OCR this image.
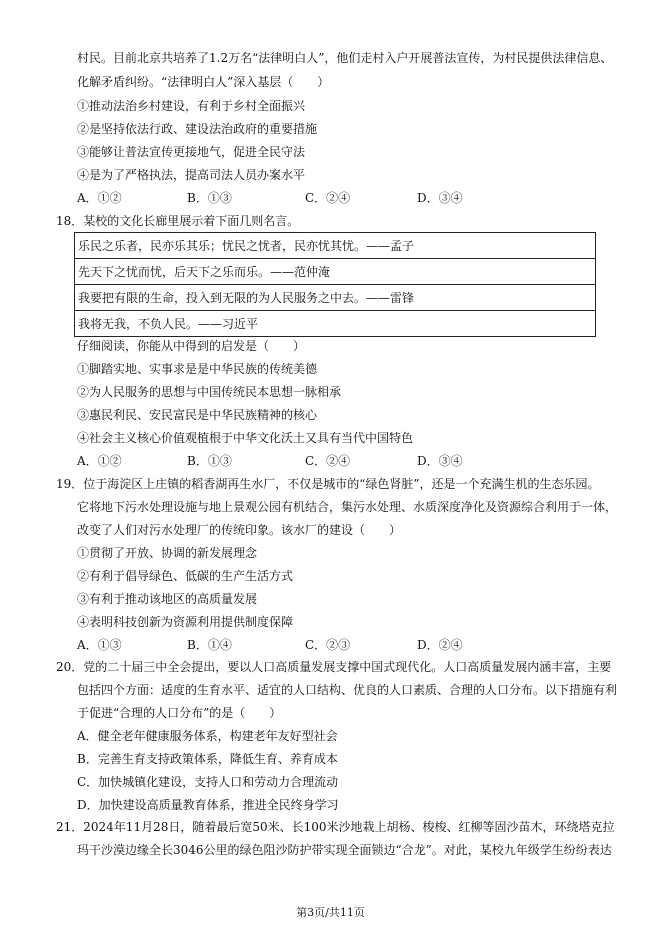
村民。目前北京共培养了1.2万名“法律明白人”，他们走村入户开展普法宣传，为村民提供法律信息、
化解矛盾纠纷。“法律明白人”深入基层（　　）
①推动法治乡村建设，有利于乡村全面振兴
②是坚持依法行政、建设法治政府的重要措施
③能够让普法宣传更接地气，促进全民守法
④是为了严格执法，提高司法人员办案水平
A．①②	B．①③	C．②④	D．③④
18．某校的文化长廊里展示着下面几则名言。
乐民之乐者，民亦乐其乐；忧民之忧者，民亦忧其忧。——孟子
先天下之忧而忧，后天下之乐而乐。——范仲淹
我要把有限的生命，投入到无限的为人民服务之中去。——雷锋
我将无我，不负人民。——习近平
仔细阅读，你能从中得到的启发是（　　）
①脚踏实地、实事求是是中华民族的传统美德
②为人民服务的思想与中国传统民本思想一脉相承
③惠民利民、安民富民是中华民族精神的核心
④社会主义核心价值观植根于中华文化沃土又具有当代中国特色
A．①②	B．①③	C．②④	D．③④
19．位于海淀区上庄镇的稻香湖再生水厂，不仅是城市的“绿色肾脏”，还是一个充满生机的生态乐园。
它将地下污水处理设施与地上景观公园有机结合，集污水处理、水质深度净化及资源综合利用于一体，
改变了人们对污水处理厂的传统印象。该水厂的建设（　　）
①贯彻了开放、协调的新发展理念
②有利于倡导绿色、低碳的生产生活方式
③有利于推动该地区的高质量发展
④表明科技创新为资源利用提供制度保障
A．①③	B．①④	C．②③	D．②④
20．党的二十届三中全会提出，要以人口高质量发展支撑中国式现代化。人口高质量发展内涵丰富，主要
包括四个方面：适度的生育水平、适宜的人口结构、优良的人口素质、合理的人口分布。以下措施有利
于促进“合理的人口分布”的是（　　）
A．健全老年健康服务体系，构建老年友好型社会
B．完善生育支持政策体系，降低生育、养育成本
C．加快城镇化建设，支持人口和劳动力合理流动
D．加快建设高质量教育体系，推进全民终身学习
21．2024年11月28日，随着最后宽50米、长100米沙地栽上胡杨、梭梭、红柳等固沙苗木，环绕塔克拉
玛干沙漠边缘全长3046公里的绿色阻沙防护带实现全面锁边“合龙”。对此，某校九年级学生纷纷表达
第3页/共11页
